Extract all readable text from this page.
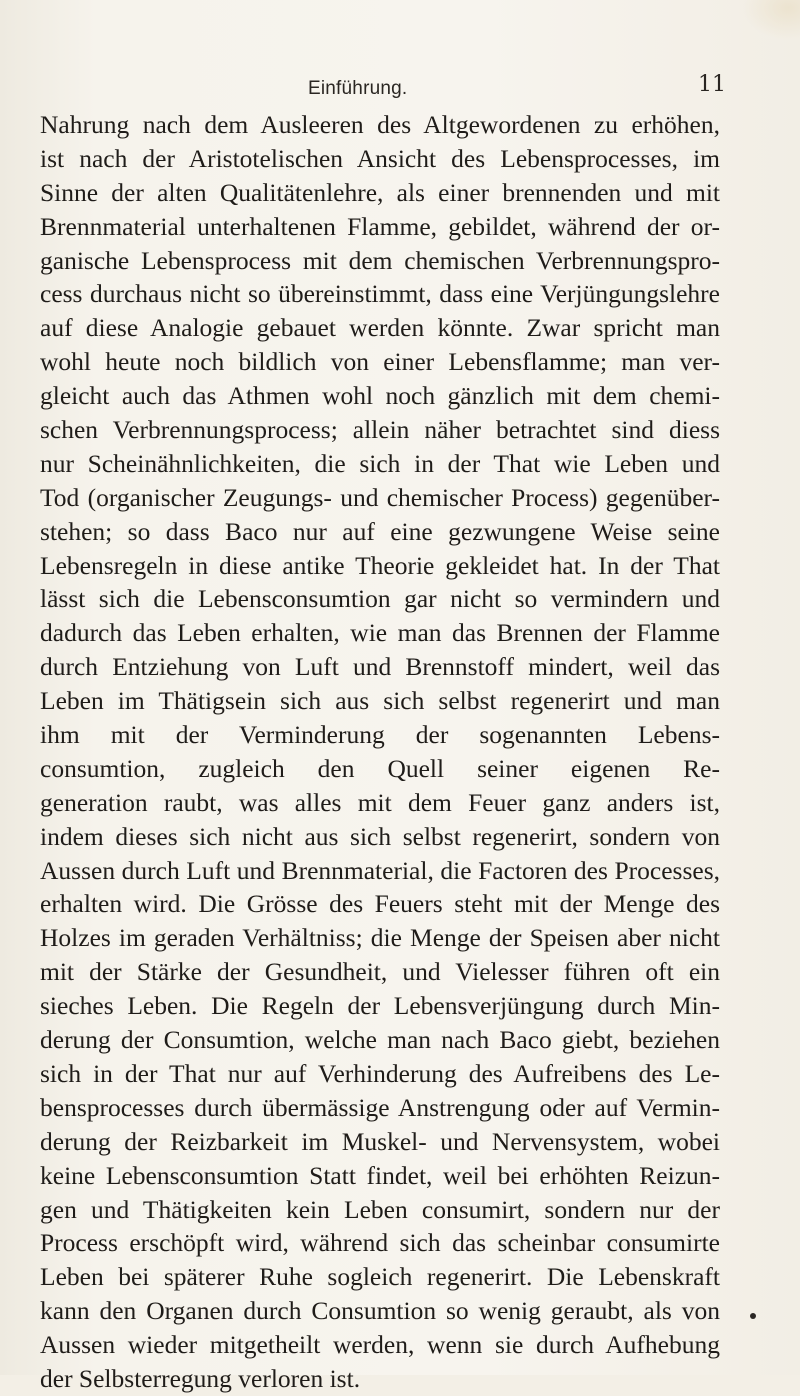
Einführung.	11
Nahrung nach dem Ausleeren des Altgewordenen zu erhöhen,
ist nach der Aristotelischen Ansicht des Lebensprocesses, im
Sinne der alten Qualitätenlehre, als einer brennenden und mit
Brennmaterial unterhaltenen Flamme, gebildet, während der or-
ganische Lebensprocess mit dem chemischen Verbrennungspro-
cess durchaus nicht so übereinstimmt, dass eine Verjüngungslehre
auf diese Analogie gebauet werden könnte. Zwar spricht man
wohl heute noch bildlich von einer Lebensflamme; man ver-
gleicht auch das Athmen wohl noch gänzlich mit dem chemi-
schen Verbrennungsprocess; allein näher betrachtet sind diess
nur Scheinähnlichkeiten, die sich in der That wie Leben und
Tod (organischer Zeugungs- und chemischer Process) gegenüber-
stehen; so dass Baco nur auf eine gezwungene Weise seine
Lebensregeln in diese antike Theorie gekleidet hat. In der That
lässt sich die Lebensconsumtion gar nicht so vermindern und
dadurch das Leben erhalten, wie man das Brennen der Flamme
durch Entziehung von Luft und Brennstoff mindert, weil das
Leben im Thätigsein sich aus sich selbst regenerirt und man
ihm mit der Verminderung der sogenannten Lebens-
consumtion, zugleich den Quell seiner eigenen Re-
generation raubt, was alles mit dem Feuer ganz anders ist,
indem dieses sich nicht aus sich selbst regenerirt, sondern von
Aussen durch Luft und Brennmaterial, die Factoren des Processes,
erhalten wird. Die Grösse des Feuers steht mit der Menge des
Holzes im geraden Verhältniss; die Menge der Speisen aber nicht
mit der Stärke der Gesundheit, und Vielesser führen oft ein
sieches Leben. Die Regeln der Lebensverjüngung durch Min-
derung der Consumtion, welche man nach Baco giebt, beziehen
sich in der That nur auf Verhinderung des Aufreibens des Le-
bensprocesses durch übermässige Anstrengung oder auf Vermin-
derung der Reizbarkeit im Muskel- und Nervensystem, wobei
keine Lebensconsumtion Statt findet, weil bei erhöhten Reizun-
gen und Thätigkeiten kein Leben consumirt, sondern nur der
Process erschöpft wird, während sich das scheinbar consumirte
Leben bei späterer Ruhe sogleich regenerirt. Die Lebenskraft
kann den Organen durch Consumtion so wenig geraubt, als von
Aussen wieder mitgetheilt werden, wenn sie durch Aufhebung
der Selbsterregung verloren ist.
